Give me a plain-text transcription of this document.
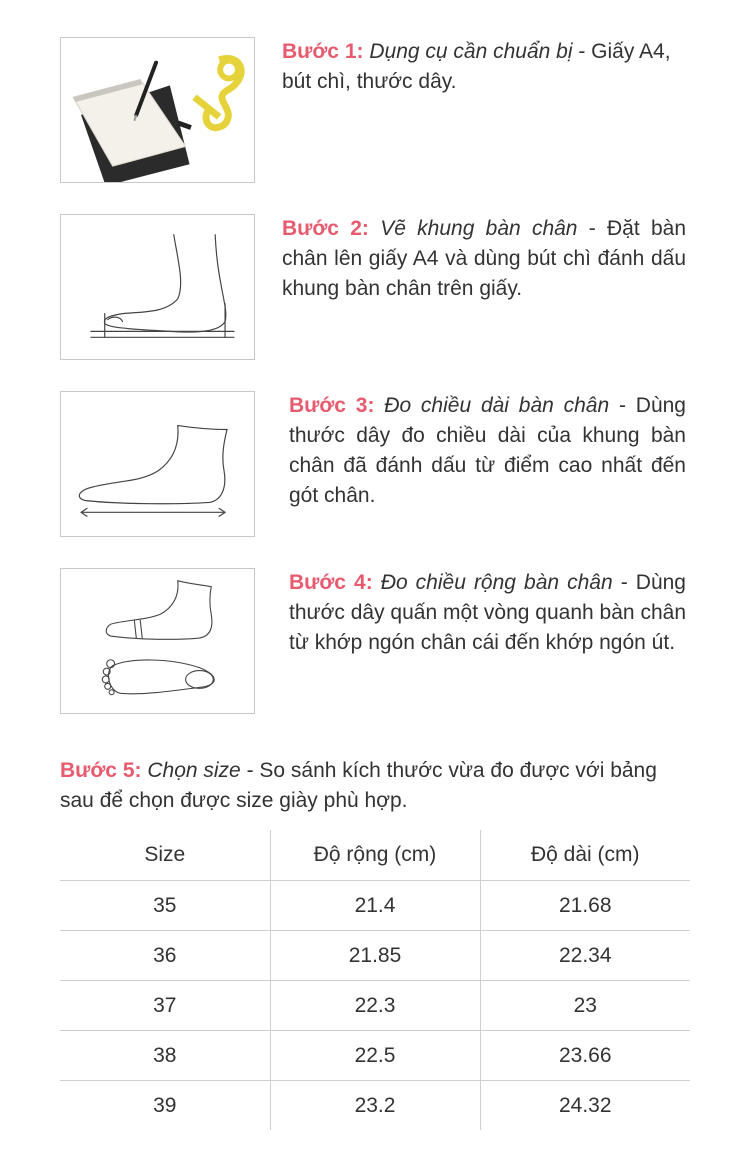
Bước 1: Dụng cụ cần chuẩn bị - Giấy A4, bút chì, thước dây.
Bước 2: Vẽ khung bàn chân - Đặt bàn chân lên giấy A4 và dùng bút chì đánh dấu khung bàn chân trên giấy.
Bước 3: Đo chiều dài bàn chân - Dùng thước dây đo chiều dài của khung bàn chân đã đánh dấu từ điểm cao nhất đến gót chân.
Bước 4: Đo chiều rộng bàn chân - Dùng thước dây quấn một vòng quanh bàn chân từ khớp ngón chân cái đến khớp ngón út.
Bước 5: Chọn size - So sánh kích thước vừa đo được với bảng sau để chọn được size giày phù hợp.
Size	Độ rộng (cm)	Độ dài (cm)
35	21.4	21.68
36	21.85	22.34
37	22.3	23
38	22.5	23.66
39	23.2	24.32
